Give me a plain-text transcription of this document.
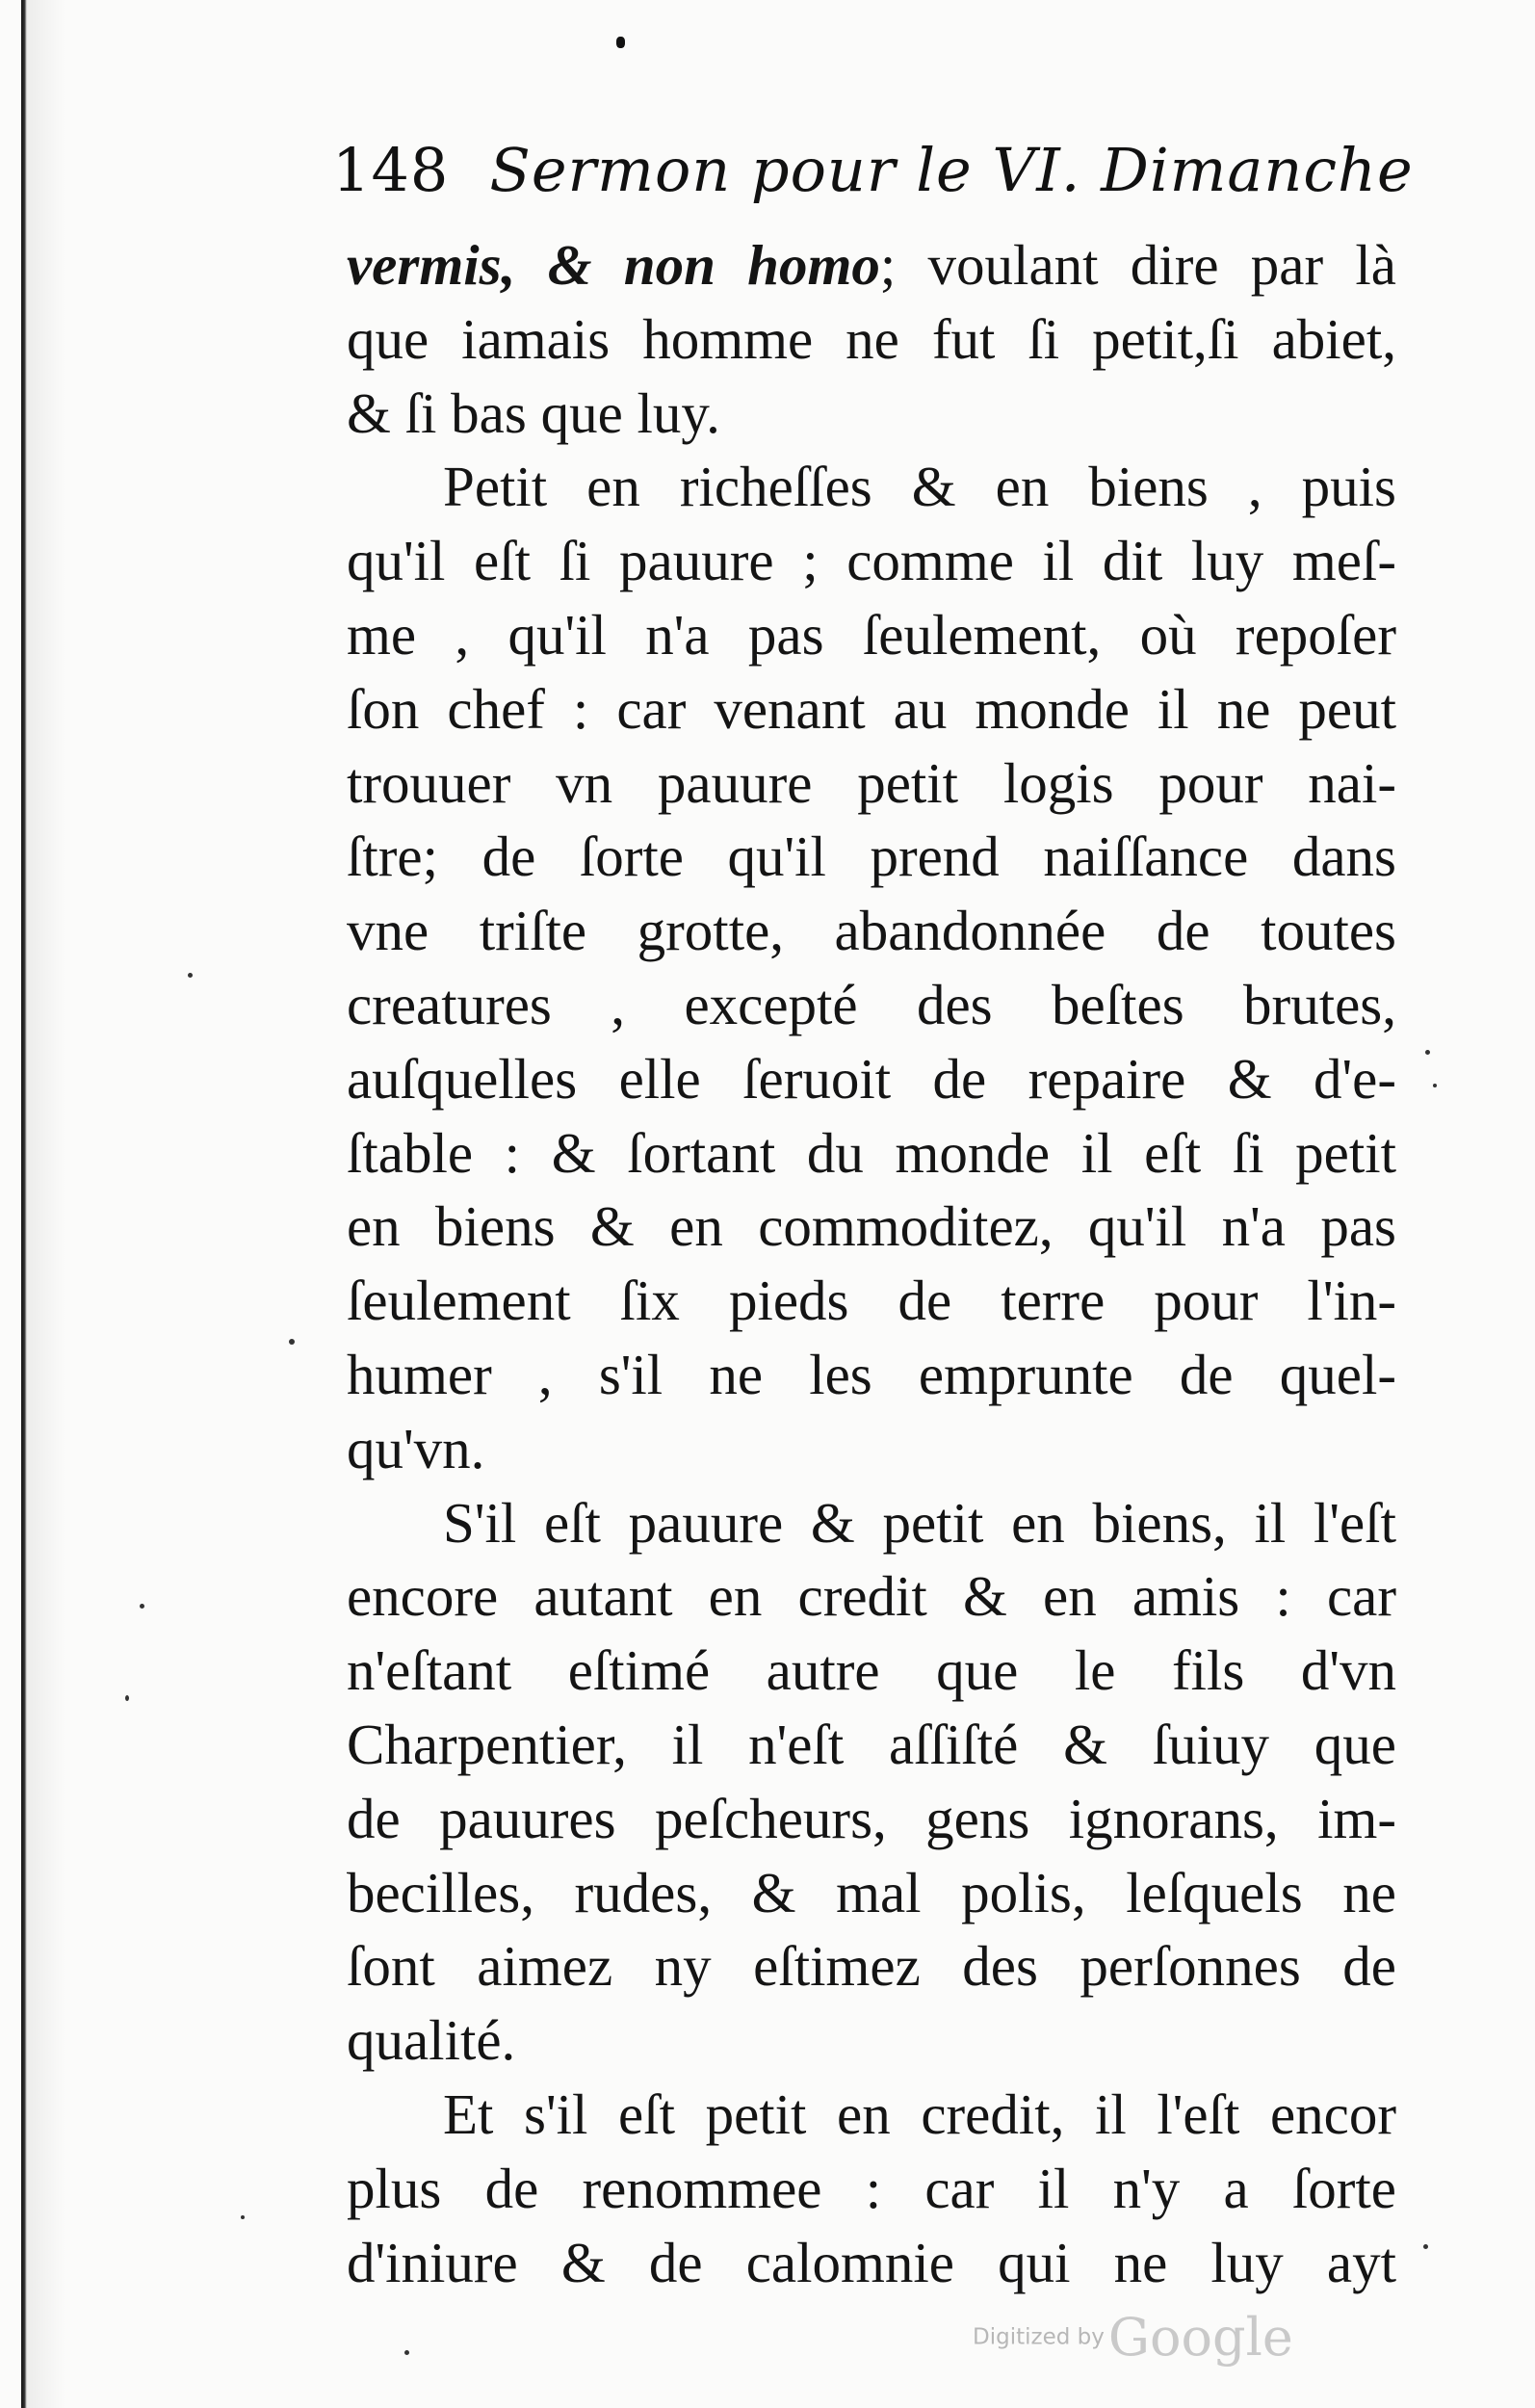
148 Sermon pour le VI. Dimanche
vermis, & non homo; voulant dire par là
que iamais homme ne fut ſi petit,ſi abiet,
& ſi bas que luy.
Petit en richeſſes & en biens , puis
qu'il eſt ſi pauure ; comme il dit luy meſ-
me , qu'il n'a pas ſeulement, où repoſer
ſon chef : car venant au monde il ne peut
trouuer vn pauure petit logis pour nai-
ſtre; de ſorte qu'il prend naiſſance dans
vne triſte grotte, abandonnée de toutes
creatures , excepté des beſtes brutes,
auſquelles elle ſeruoit de repaire & d'e-
ſtable : & ſortant du monde il eſt ſi petit
en biens & en commoditez, qu'il n'a pas
ſeulement ſix pieds de terre pour l'in-
humer , s'il ne les emprunte de quel-
qu'vn.
S'il eſt pauure & petit en biens, il l'eſt
encore autant en credit & en amis : car
n'eſtant eſtimé autre que le fils d'vn
Charpentier, il n'eſt aſſiſté & ſuiuy que
de pauures peſcheurs, gens ignorans, im-
becilles, rudes, & mal polis, leſquels ne
ſont aimez ny eſtimez des perſonnes de
qualité.
Et s'il eſt petit en credit, il l'eſt encor
plus de renommee : car il n'y a ſorte
d'iniure & de calomnie qui ne luy ayt
Digitized byGoogle
